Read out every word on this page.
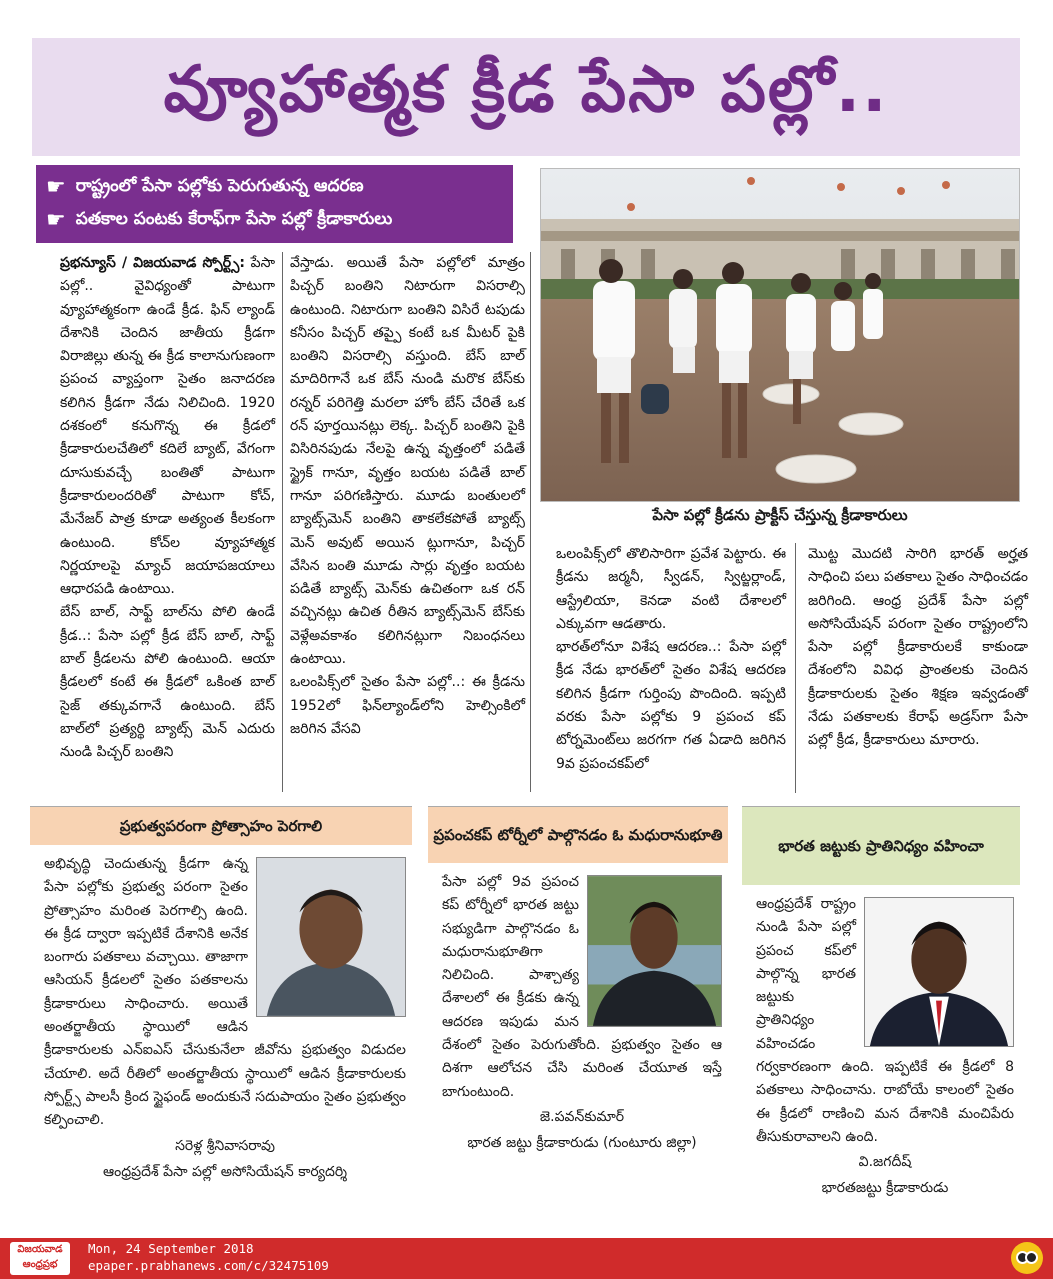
వ్యూహాత్మక క్రీడ పేసా పల్లో..
☛ రాష్ట్రంలో పేసా పల్లోకు పెరుగుతున్న ఆదరణ
☛ పతకాల పంటకు కేరాఫ్‌గా పేసా పల్లో క్రీడాకారులు
పేసా పల్లో క్రీడను ప్రాక్టీస్ చేస్తున్న క్రీడాకారులు

ప్రభన్యూస్ / విజయవాడ స్పోర్ట్స్: పేసా పల్లో.. వైవిధ్యంతో పాటుగా వ్యూహాత్మకంగా ఉండే క్రీడ. ఫిన్ ల్యాండ్ దేశానికి చెందిన జాతీయ క్రీడగా విరాజిల్లు తున్న ఈ క్రీడ కాలానుగుణంగా ప్రపంచ వ్యాప్తంగా సైతం జనాదరణ కలిగిన క్రీడగా నేడు నిలిచింది. 1920 దశకంలో కనుగొన్న ఈ క్రీడలో క్రీడాకారులచేతిలో కదిలే బ్యాట్, వేగంగా దూసుకువచ్చే బంతితో పాటుగా క్రీడాకారులందరితో పాటుగా కోచ్, మేనేజర్ పాత్ర కూడా అత్యంత కీలకంగా ఉంటుంది. కోచ్‌ల వ్యూహాత్మక నిర్ణయాలపై మ్యాచ్ జయాపజయాలు ఆధారపడి ఉంటాయి.

బేస్ బాల్, సాఫ్ట్ బాల్‌ను పోలి ఉండే క్రీడ..: పేసా పల్లో క్రీడ బేస్ బాల్, సాఫ్ట్ బాల్ క్రీడలను పోలి ఉంటుంది. ఆయా క్రీడలలో కంటే ఈ క్రీడలో ఒకింత బాల్ సైజ్ తక్కువగానే ఉంటుంది. బేస్ బాల్‌లో ప్రత్యర్థి బ్యాట్స్ మెన్ ఎదురు నుండి పిచ్చర్ బంతిని

వేస్తాడు. అయితే పేసా పల్లో‌లో మాత్రం పిచ్చర్ బంతిని నిటారుగా విసరాల్సి ఉంటుంది. నిటారుగా బంతిని విసిరే టపుడు కనీసం పిచ్చర్ తప్పై కంటే ఒక మీటర్ పైకి బంతిని విసరాల్సి వస్తుంది. బేస్ బాల్ మాదిరిగానే ఒక బేస్ నుండి మరొక బేస్‌కు రన్నర్ పరిగెత్తి మరలా హోం బేస్ చేరితే ఒక రన్ పూర్తయినట్లు లెక్క. పిచ్చర్ బంతిని పైకి విసిరినపుడు నేలపై ఉన్న వృత్తంలో పడితే స్ట్రైక్ గానూ, వృత్తం బయట పడితే బాల్ గానూ పరిగణిస్తారు. మూడు బంతులలో బ్యాట్స్‌మెన్ బంతిని తాకలేకపోతే బ్యాట్స్ మెన్ అవుట్ అయిన ట్లుగానూ, పిచ్చర్ వేసిన బంతి మూడు సార్లు వృత్తం బయట పడితే బ్యాట్స్ మెన్‌కు ఉచితంగా ఒక రన్ వచ్చినట్లు ఉచిత రీతిన బ్యాట్స్‌మెన్ బేస్‌కు వెళ్లేఅవకాశం కలిగినట్లుగా నిబంధనలు ఉంటాయి.

ఒలంపిక్స్‌లో సైతం పేసా పల్లో..: ఈ క్రీడను 1952లో ఫిన్‌ల్యాండ్‌లోని హెల్సింకిలో జరిగిన వేసవి

ఒలంపిక్స్‌లో తొలిసారిగా ప్రవేశ పెట్టారు. ఈ క్రీడను జర్మనీ, స్వీడన్, స్విట్జర్లాండ్, ఆస్ట్రేలియా, కెనడా వంటి దేశాలలో ఎక్కువగా ఆడతారు.

భారత్‌లోనూ విశేష ఆదరణ..: పేసా పల్లో క్రీడ నేడు భారత్‌లో సైతం విశేష ఆదరణ కలిగిన క్రీడగా గుర్తింపు పొందింది. ఇప్పటి వరకు పేసా పల్లోకు 9 ప్రపంచ కప్ టోర్నమెంట్‌లు జరగగా గత ఏడాది జరిగిన 9వ ప్రపంచకప్‌లో

మొట్ట మొదటి సారిగి భారత్ అర్హత సాధించి పలు పతకాలు సైతం సాధించడం జరిగింది. ఆంధ్ర ప్రదేశ్ పేసా పల్లో అసోసియేషన్ పరంగా సైతం రాష్ట్రంలోని పేసా పల్లో క్రీడాకారులకే కాకుండా దేశంలోని వివిధ ప్రాంతలకు చెందిన క్రీడాకారులకు సైతం శిక్షణ ఇవ్వడంతో నేడు పతకాలకు కేరాఫ్ అడ్రస్‌గా పేసా పల్లో క్రీడ, క్రీడాకారులు మారారు.

ప్రభుత్వపరంగా ప్రోత్సాహం పెరగాలి

అభివృద్ధి చెందుతున్న క్రీడగా ఉన్న పేసా పల్లోకు ప్రభుత్వ పరంగా సైతం ప్రోత్సాహం మరింత పెరగాల్సి ఉంది. ఈ క్రీడ ద్వారా ఇప్పటికే దేశానికి అనేక బంగారు పతకాలు వచ్చాయి. తాజాగా ఆసియన్ క్రీడలలో సైతం పతకాలను క్రీడాకారులు సాధించారు. అయితే అంతర్జాతీయ స్థాయిలో ఆడిన క్రీడాకారులకు ఎన్ఐఎస్ చేసుకునేలా జీవోను ప్రభుత్వం విడుదల చేయాలి. అదే రీతిలో అంతర్జాతీయ స్థాయిలో ఆడిన క్రీడాకారులకు స్పోర్ట్స్ పాలసీ క్రింద స్టైఫండ్ అందుకునే సదుపాయం సైతం ప్రభుత్వం కల్పించాలి.

సరెళ్ల శ్రీనివాసరావు

ఆంధ్రప్రదేశ్ పేసా పల్లో అసోసియేషన్ కార్యదర్శి

ప్రపంచకప్ టోర్నీలో పాల్గొనడం ఓ మధురానుభూతి

పేసా పల్లో 9వ ప్రపంచ కప్ టోర్నీలో భారత జట్టు సభ్యుడిగా పాల్గొనడం ఓ మధురానుభూతిగా నిలిచింది. పాశ్చాత్య దేశాలలో ఈ క్రీడకు ఉన్న ఆదరణ ఇపుడు మన దేశంలో సైతం పెరుగుతోంది. ప్రభుత్వం సైతం ఆ దిశగా ఆలోచన చేసి మరింత చేయూత ఇస్తే బాగుంటుంది.

జె.పవన్‌కుమార్

భారత జట్టు క్రీడాకారుడు (గుంటూరు జిల్లా)

భారత జట్టుకు ప్రాతినిధ్యం వహించా

ఆంధ్రప్రదేశ్ రాష్ట్రం నుండి పేసా పల్లో ప్రపంచ కప్‌లో పాల్గొన్న భారత జట్టుకు ప్రాతినిధ్యం వహించడం గర్వకారణంగా ఉంది. ఇప్పటికే ఈ క్రీడలో 8 పతకాలు సాధించాను. రాబోయే కాలంలో సైతం ఈ క్రీడలో రాణించి మన దేశానికి మంచిపేరు తీసుకురావాలని ఉంది.

వి.జగదీష్

భారతజట్టు క్రీడాకారుడు

విజయవాడ ఆంధ్రప్రభ
Mon, 24 September 2018
epaper.prabhanews.com/c/32475109
